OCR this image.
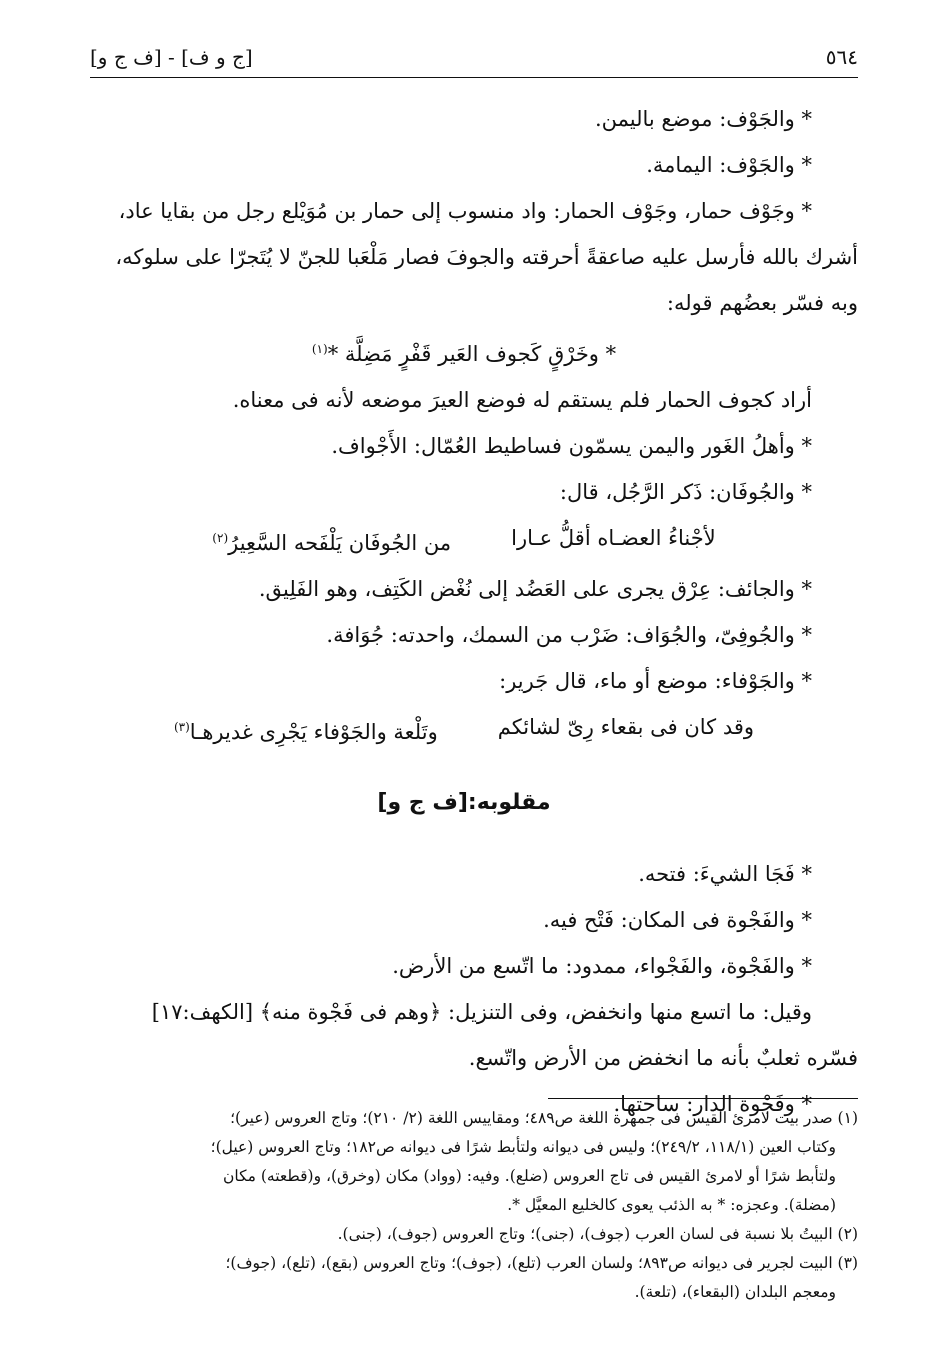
٥٦٤
[ج و ف] - [ف ج و]

* والجَوْف: موضع باليمن.

* والجَوْف: اليمامة.

* وجَوْف حمار، وجَوْف الحمار: واد منسوب إلى حمار بن مُوَيْلع رجل من بقايا عاد،

أشرك بالله فأرسل عليه صاعقةً أحرقته والجوفَ فصار مَلْعَبا للجنّ لا يُتَجرّا على سلوكه،

وبه فسّر بعضُهم قوله:

* وخَرْقٍ كَجوف العَير قَفْرٍ مَضِلَّة *$^{(١)}$

أراد كجوف الحمار فلم يستقم له فوضع العيرَ موضعه لأنه فى معناه.

* وأهلُ الغَور واليمن يسمّون فساطيط العُمّال: الأَجْواف.

* والجُوفَان: ذَكر الرَّجُل، قال:

لأجْناءُ العضـاه أقلُّ عـارا
من الجُوفَان يَلْفَحه السَّعِيرُ$^{(٢)}$

* والجائف: عِرْق يجرى على العَضُد إلى نُغْض الكَتِف، وهو الفَلِيق.

* والجُوفِىّ، والجُوَاف: ضَرْب من السمك، واحدته: جُوَافة.

* والجَوْفاء: موضع أو ماء، قال جَرير:

وقد كان فى بقعاء رِىّ لشائكم
وتَلْعة والجَوْفاء يَجْرِى غديرهـا$^{(٣)}$

مقلوبه:[ف ج و]

* فَجَا الشيءَ: فتحه.

* والفَجْوة فى المكان: فَتْح فيه.

* والفَجْوة، والفَجْواء، ممدود: ما اتّسع من الأرض.

وقيل: ما اتسع منها وانخفض، وفى التنزيل: ﴿وهم فى فَجْوة منه﴾ [الكهف:١٧]

فسّره ثعلبٌ بأنه ما انخفض من الأرض واتّسع.

* وفَجْوة الدار: ساحتها.

(١) صدر بيت لامرئ القيس فى جمهرة اللغة ص٤٨٩؛ ومقاييس اللغة (٢/ ٢١٠)؛ وتاج العروس (عير)؛

وكتاب العين (١١٨/١، ٢٤٩/٢)؛ وليس فى ديوانه ولتأبط شرًا فى ديوانه ص١٨٢؛ وتاج العروس (عيل)؛

ولتأبط شرًا أو لامرئ القيس فى تاج العروس (ضلع). وفيه: (وواد) مكان (وخرق)، و(قطعته) مكان

(مضلة). وعجزه: * به الذئب يعوى كالخليع المعيَّل *.

(٢) البيتُ بلا نسبة فى لسان العرب (جوف)، (جنى)؛ وتاج العروس (جوف)، (جنى).

(٣) البيت لجرير فى ديوانه ص٨٩٣؛ ولسان العرب (تلع)، (جوف)؛ وتاج العروس (بقع)، (تلع)، (جوف)؛

ومعجم البلدان (البقعاء)، (تلعة).
